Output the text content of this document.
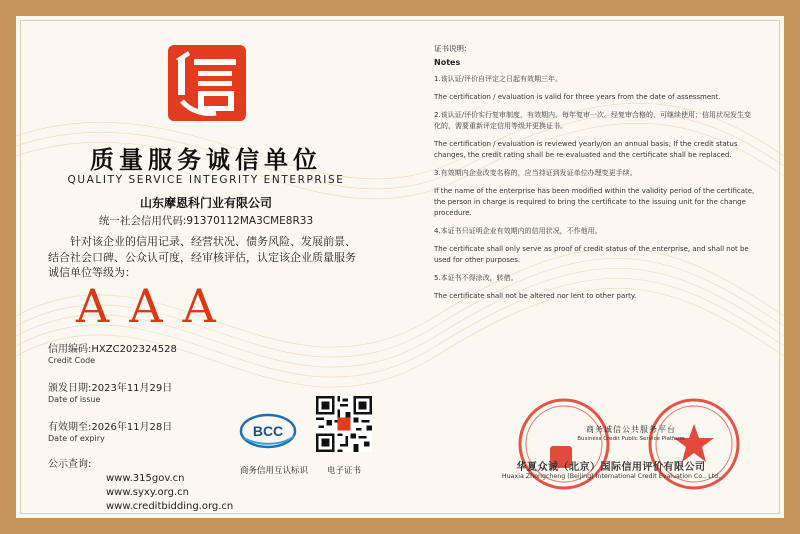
质量服务诚信单位
QUALITY SERVICE INTEGRITY ENTERPRISE
山东摩恩科门业有限公司
统一社会信用代码:91370112MA3CME8R33
针对该企业的信用记录、经营状况、债务风险、发展前景、结合社会口碑、公众认可度，经审核评估，认定该企业质量服务诚信单位等级为：
AAA
信用编码:HXZC202324528
Credit Code
颁发日期:2023年11月29日
Date of issue
有效期至:2026年11月28日
Date of expiry
公示查询:
www.315gov.cn
www.syxy.org.cn
www.creditbidding.org.cn
BCC
商务信用互认标识	电子证书
证书说明:
Notes

1.该认证/评价自评定之日起有效期三年。

The certification / evaluation is valid for three years from the date of assessment.

2.该认证/评价实行复审制度，有效期内，每年复审一次。经复审合格的，可继续使用；信用状况发生变化的，需要重新评定信用等级并更换证书。

The certification / evaluation is reviewed yearly/on an annual basis; If the credit status changes, the credit rating shall be re-evaluated and the certificate shall be replaced.

3.有效期内企业改变名称的，应当持证到发证单位办理变更手续。

If the name of the enterprise has been modified within the validity period of the certificate, the person in charge is required to bring the certificate to the issuing unit for the change procedure.

4.本证书只证明企业有效期内的信用状况，不作他用。

The certificate shall only serve as proof of credit status of the enterprise, and shall not be used for other purposes.

5.本证书不得涂改，转借。

The certificate shall not be altered nor lent to other party.

商务诚信公共服务平台
Business Credit Public Service Platform
华夏众诚（北京）国际信用评价有限公司
Huaxia Zhongcheng (Beijing) International Credit Evaluation Co., Ltd.
